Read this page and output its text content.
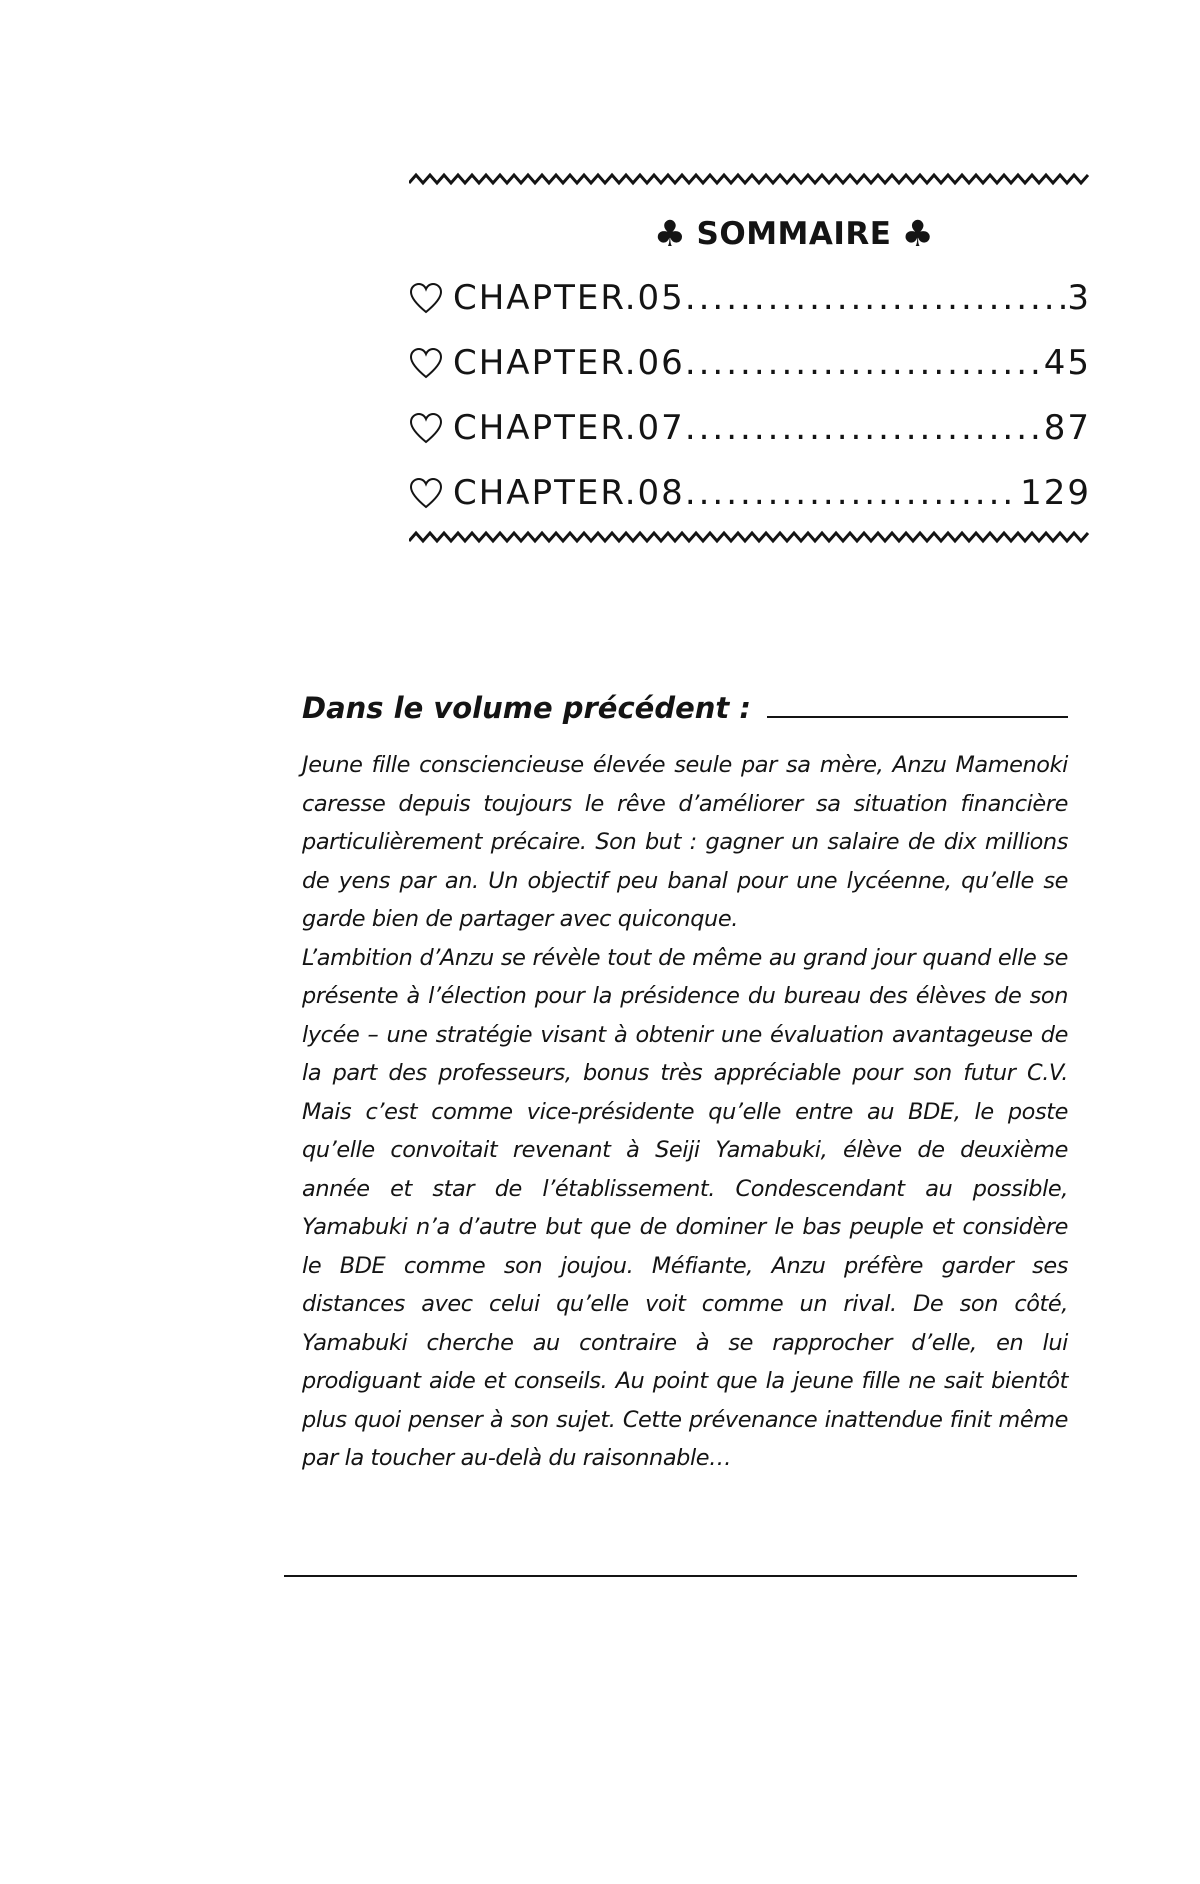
♣ SOMMAIRE ♣
CHAPTER.05 .....	3
CHAPTER.06 .....	45
CHAPTER.07 .....	87
CHAPTER.08 .....	129
Dans le volume précédent :

Jeune fille consciencieuse élevée seule par sa mère, Anzu Mamenoki caresse depuis toujours le rêve d’améliorer sa situation financière particulièrement précaire. Son but : gagner un salaire de dix millions de yens par an. Un objectif peu banal pour une lycéenne, qu’elle se garde bien de partager avec quiconque.

L’ambition d’Anzu se révèle tout de même au grand jour quand elle se présente à l’élection pour la présidence du bureau des élèves de son lycée – une stratégie visant à obtenir une évaluation avantageuse de la part des professeurs, bonus très appréciable pour son futur C.V. Mais c’est comme vice-présidente qu’elle entre au BDE, le poste qu’elle convoitait revenant à Seiji Yamabuki, élève de deuxième année et star de l’établissement. Condescendant au possible, Yamabuki n’a d’autre but que de dominer le bas peuple et considère le BDE comme son joujou. Méfiante, Anzu préfère garder ses distances avec celui qu’elle voit comme un rival. De son côté, Yamabuki cherche au contraire à se rapprocher d’elle, en lui prodiguant aide et conseils. Au point que la jeune fille ne sait bientôt plus quoi penser à son sujet. Cette prévenance inattendue finit même par la toucher au-delà du raisonnable…
